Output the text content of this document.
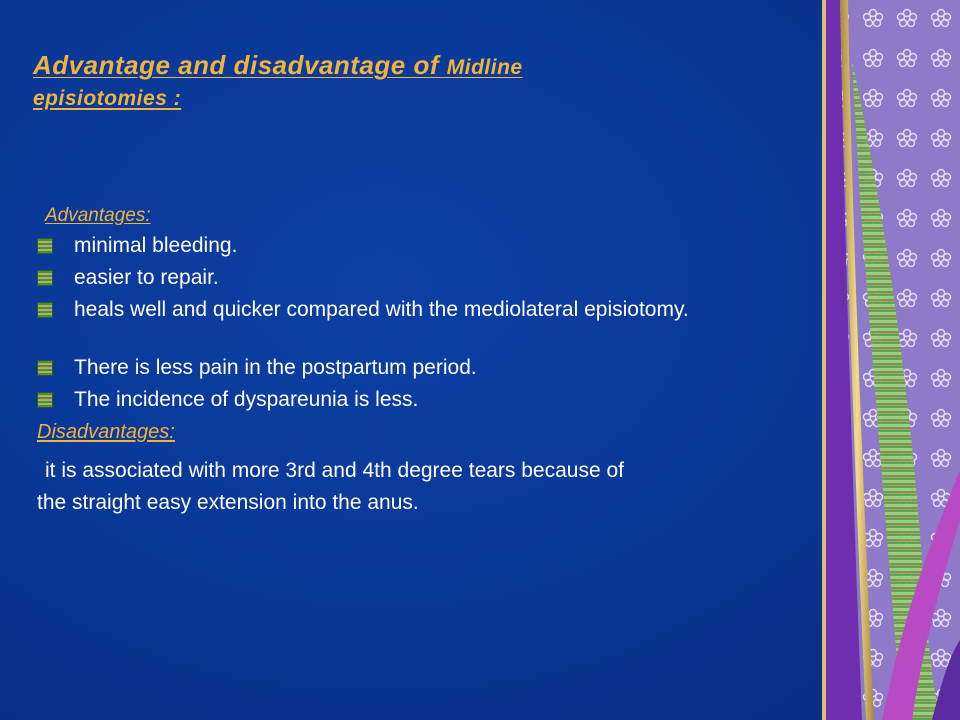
Advantage and disadvantage of Midline
episiotomies :
Advantages:
minimal bleeding.
easier to repair.
heals well and quicker compared with the mediolateral episiotomy.
There is less pain in the postpartum period.
The incidence of dyspareunia is less.
Disadvantages:
it is associated with more 3rd and 4th degree tears because of
the straight easy extension into the anus.
